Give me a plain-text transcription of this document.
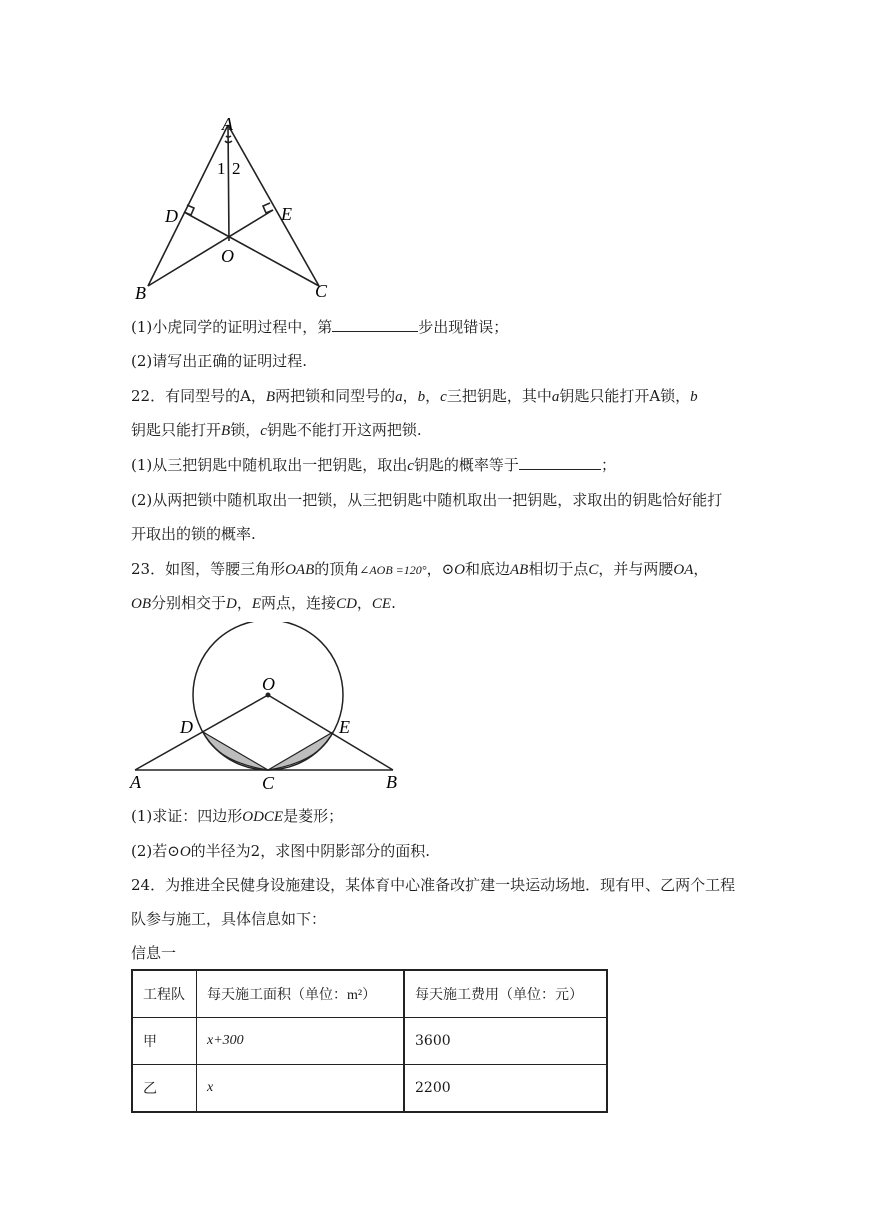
A
1 2
D	E
O
B	C
(1)小虎同学的证明过程中，第	步出现错误；
(2)请写出正确的证明过程.
22．有同型号的A，B两把锁和同型号的a，b，c三把钥匙，其中a钥匙只能打开A锁，b
钥匙只能打开B锁，c钥匙不能打开这两把锁.
(1)从三把钥匙中随机取出一把钥匙，取出c钥匙的概率等于	；
(2)从两把锁中随机取出一把锁，从三把钥匙中随机取出一把钥匙，求取出的钥匙恰好能打
开取出的锁的概率.
23．如图，等腰三角形OAB的顶角∠AOB =120°，⊙O和底边AB相切于点C，并与两腰OA，
OB分别相交于D，E两点，连接CD，CE.
O
D	E
A	C	B
(1)求证：四边形ODCE是菱形；
(2)若⊙O的半径为2，求图中阴影部分的面积.
24．为推进全民健身设施建设，某体育中心准备改扩建一块运动场地．现有甲、乙两个工程
队参与施工，具体信息如下：
信息一
工程队	每天施工面积（单位：m²）	每天施工费用（单位：元）
甲	x+300	3600
乙	x	2200
